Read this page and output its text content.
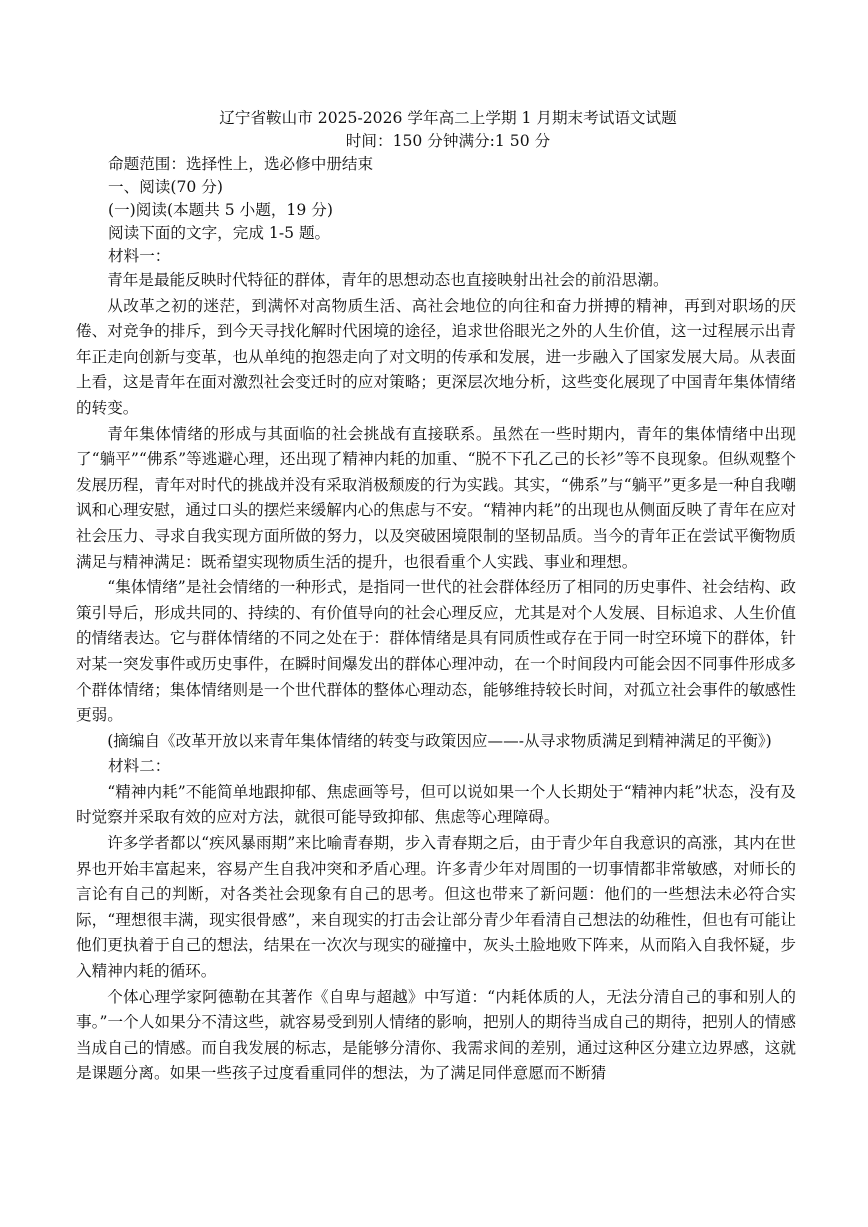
辽宁省鞍山市 2025-2026 学年高二上学期 1 月期末考试语文试题

时间：150 分钟满分:1 50 分

命题范围：选择性上，选必修中册结束

一、阅读(70 分)

(一)阅读(本题共 5 小题，19 分)

阅读下面的文字，完成 1-5 题。

材料一：

青年是最能反映时代特征的群体，青年的思想动态也直接映射出社会的前沿思潮。

从改革之初的迷茫，到满怀对高物质生活、高社会地位的向往和奋力拼搏的精神，再到对职场的厌倦、对竞争的排斥，到今天寻找化解时代困境的途径，追求世俗眼光之外的人生价值，这一过程展示出青年正走向创新与变革，也从单纯的抱怨走向了对文明的传承和发展，进一步融入了国家发展大局。从表面上看，这是青年在面对激烈社会变迁时的应对策略；更深层次地分析，这些变化展现了中国青年集体情绪的转变。

青年集体情绪的形成与其面临的社会挑战有直接联系。虽然在一些时期内，青年的集体情绪中出现了“躺平”“佛系”等逃避心理，还出现了精神内耗的加重、“脱不下孔乙己的长衫”等不良现象。但纵观整个发展历程，青年对时代的挑战并没有采取消极颓废的行为实践。其实，“佛系”与“躺平”更多是一种自我嘲讽和心理安慰，通过口头的摆烂来缓解内心的焦虑与不安。“精神内耗”的出现也从侧面反映了青年在应对社会压力、寻求自我实现方面所做的努力，以及突破困境限制的坚韧品质。当今的青年正在尝试平衡物质满足与精神满足：既希望实现物质生活的提升，也很看重个人实践、事业和理想。

“集体情绪”是社会情绪的一种形式，是指同一世代的社会群体经历了相同的历史事件、社会结构、政策引导后，形成共同的、持续的、有价值导向的社会心理反应，尤其是对个人发展、目标追求、人生价值的情绪表达。它与群体情绪的不同之处在于：群体情绪是具有同质性或存在于同一时空环境下的群体，针对某一突发事件或历史事件，在瞬时间爆发出的群体心理冲动，在一个时间段内可能会因不同事件形成多个群体情绪；集体情绪则是一个世代群体的整体心理动态，能够维持较长时间，对孤立社会事件的敏感性更弱。

(摘编自《改革开放以来青年集体情绪的转变与政策因应——-从寻求物质满足到精神满足的平衡》)

材料二：

“精神内耗”不能简单地跟抑郁、焦虑画等号，但可以说如果一个人长期处于“精神内耗”状态，没有及时觉察并采取有效的应对方法，就很可能导致抑郁、焦虑等心理障碍。

许多学者都以“疾风暴雨期”来比喻青春期，步入青春期之后，由于青少年自我意识的高涨，其内在世界也开始丰富起来，容易产生自我冲突和矛盾心理。许多青少年对周围的一切事情都非常敏感，对师长的言论有自己的判断，对各类社会现象有自己的思考。但这也带来了新问题：他们的一些想法未必符合实际，“理想很丰满，现实很骨感”，来自现实的打击会让部分青少年看清自己想法的幼稚性，但也有可能让他们更执着于自己的想法，结果在一次次与现实的碰撞中，灰头土脸地败下阵来，从而陷入自我怀疑，步入精神内耗的循环。

个体心理学家阿德勒在其著作《自卑与超越》中写道：“内耗体质的人，无法分清自己的事和别人的事。”一个人如果分不清这些，就容易受到别人情绪的影响，把别人的期待当成自己的期待，把别人的情感当成自己的情感。而自我发展的标志，是能够分清你、我需求间的差别，通过这种区分建立边界感，这就是课题分离。如果一些孩子过度看重同伴的想法，为了满足同伴意愿而不断猜
